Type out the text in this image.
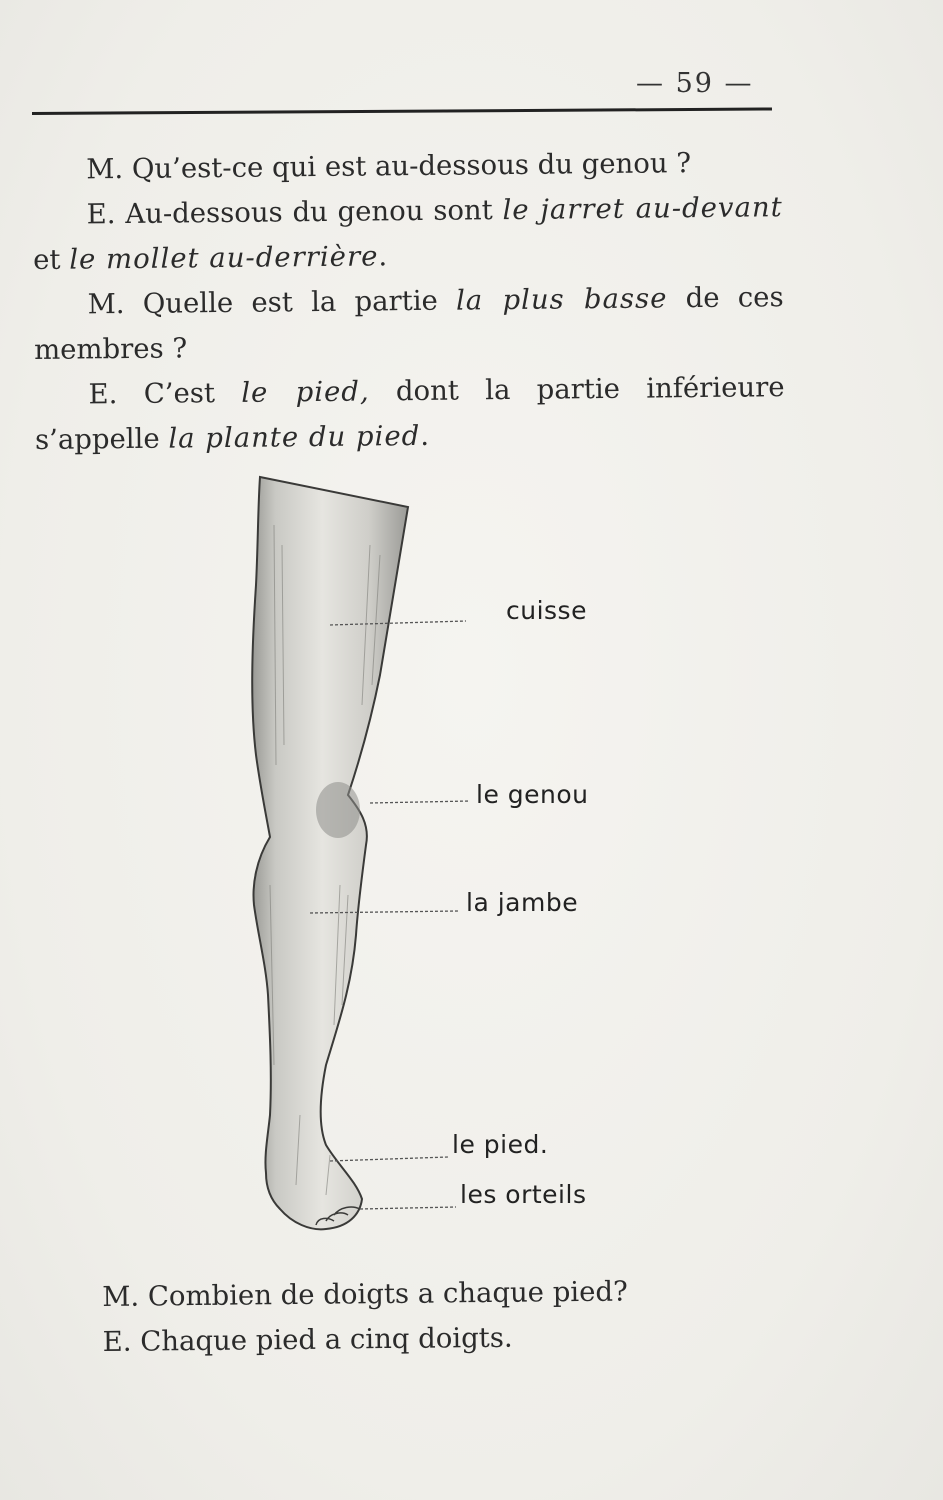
— 59 —

M. Qu’est-ce qui est au-dessous du genou ?

E. Au-dessous du genou sont le jarret au-devant et le mollet au-derrière.

M. Quelle est la partie la plus basse de ces membres ?

E. C’est le pied, dont la partie inférieure s’appelle la plante du pied.

cuisse
le genou
la jambe
le pied.
les orteils

M. Combien de doigts a chaque pied?

E. Chaque pied a cinq doigts.
